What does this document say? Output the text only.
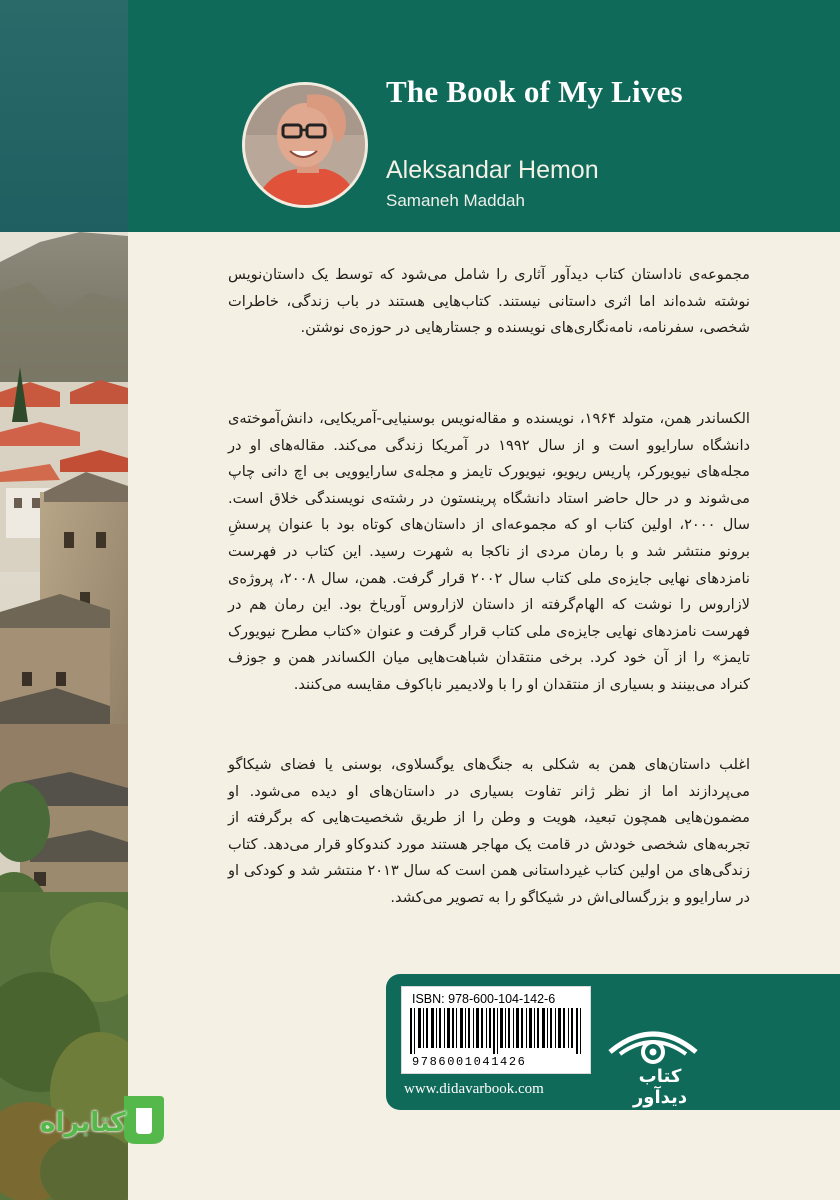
The Book of My Lives
Aleksandar Hemon
Samaneh Maddah

مجموعه‌ی ناداستان کتاب دیدآور آثاری را شامل می‌شود که توسط یک داستان‌نویس نوشته شده‌اند اما اثری داستانی نیستند. کتاب‌هایی هستند در باب زندگی، خاطرات شخصی، سفرنامه، نامه‌نگاری‌های نویسنده و جستارهایی در حوزه‌ی نوشتن.

الکساندر همن، متولد ۱۹۶۴، نویسنده و مقاله‌نویس بوسنیایی-آمریکایی، دانش‌آموخته‌ی دانشگاه سارایوو است و از سال ۱۹۹۲ در آمریکا زندگی می‌کند. مقاله‌های او در مجله‌های نیویورکر، پاریس ریویو، نیویورک تایمز و مجله‌ی سارایوویی بی اچ دانی چاپ می‌شوند و در حال حاضر استاد دانشگاه پرینستون در رشته‌ی نویسندگی خلاق است. سال ۲۰۰۰، اولین کتاب او که مجموعه‌ای از داستان‌های کوتاه بود با عنوان پرسشِ برونو منتشر شد و با رمان مردی از ناکجا به شهرت رسید. این کتاب در فهرست نامزدهای نهایی جایزه‌ی ملی کتاب سال ۲۰۰۲ قرار گرفت. همن، سال ۲۰۰۸، پروژه‌ی لازاروس را نوشت که الهام‌گرفته از داستان لازاروس آوریاخ بود. این رمان هم در فهرست نامزدهای نهایی جایزه‌ی ملی کتاب قرار گرفت و عنوان «کتاب مطرح نیویورک تایمز» را از آن خود کرد. برخی منتقدان شباهت‌هایی میان الکساندر همن و جوزف کنراد می‌بینند و بسیاری از منتقدان او را با ولادیمیر ناباکوف مقایسه می‌کنند.

اغلب داستان‌های همن به شکلی به جنگ‌های یوگسلاوی، بوسنی یا فضای شیکاگو می‌پردازند اما از نظر ژانر تفاوت بسیاری در داستان‌های او دیده می‌شود. او مضمون‌هایی همچون تبعید، هویت و وطن را از طریق شخصیت‌هایی که برگرفته از تجربه‌های شخصی خودش در قامت یک مهاجر هستند مورد کندوکاو قرار می‌دهد. کتاب زندگی‌های من اولین کتاب غیرداستانی همن است که سال ۲۰۱۳ منتشر شد و کودکی او در سارایوو و بزرگسالی‌اش در شیکاگو را به تصویر می‌کشد.

ISBN: 978-600-104-142-6
9786001041426
www.didavarbook.com
کتاب دیدآور
کتابراه
